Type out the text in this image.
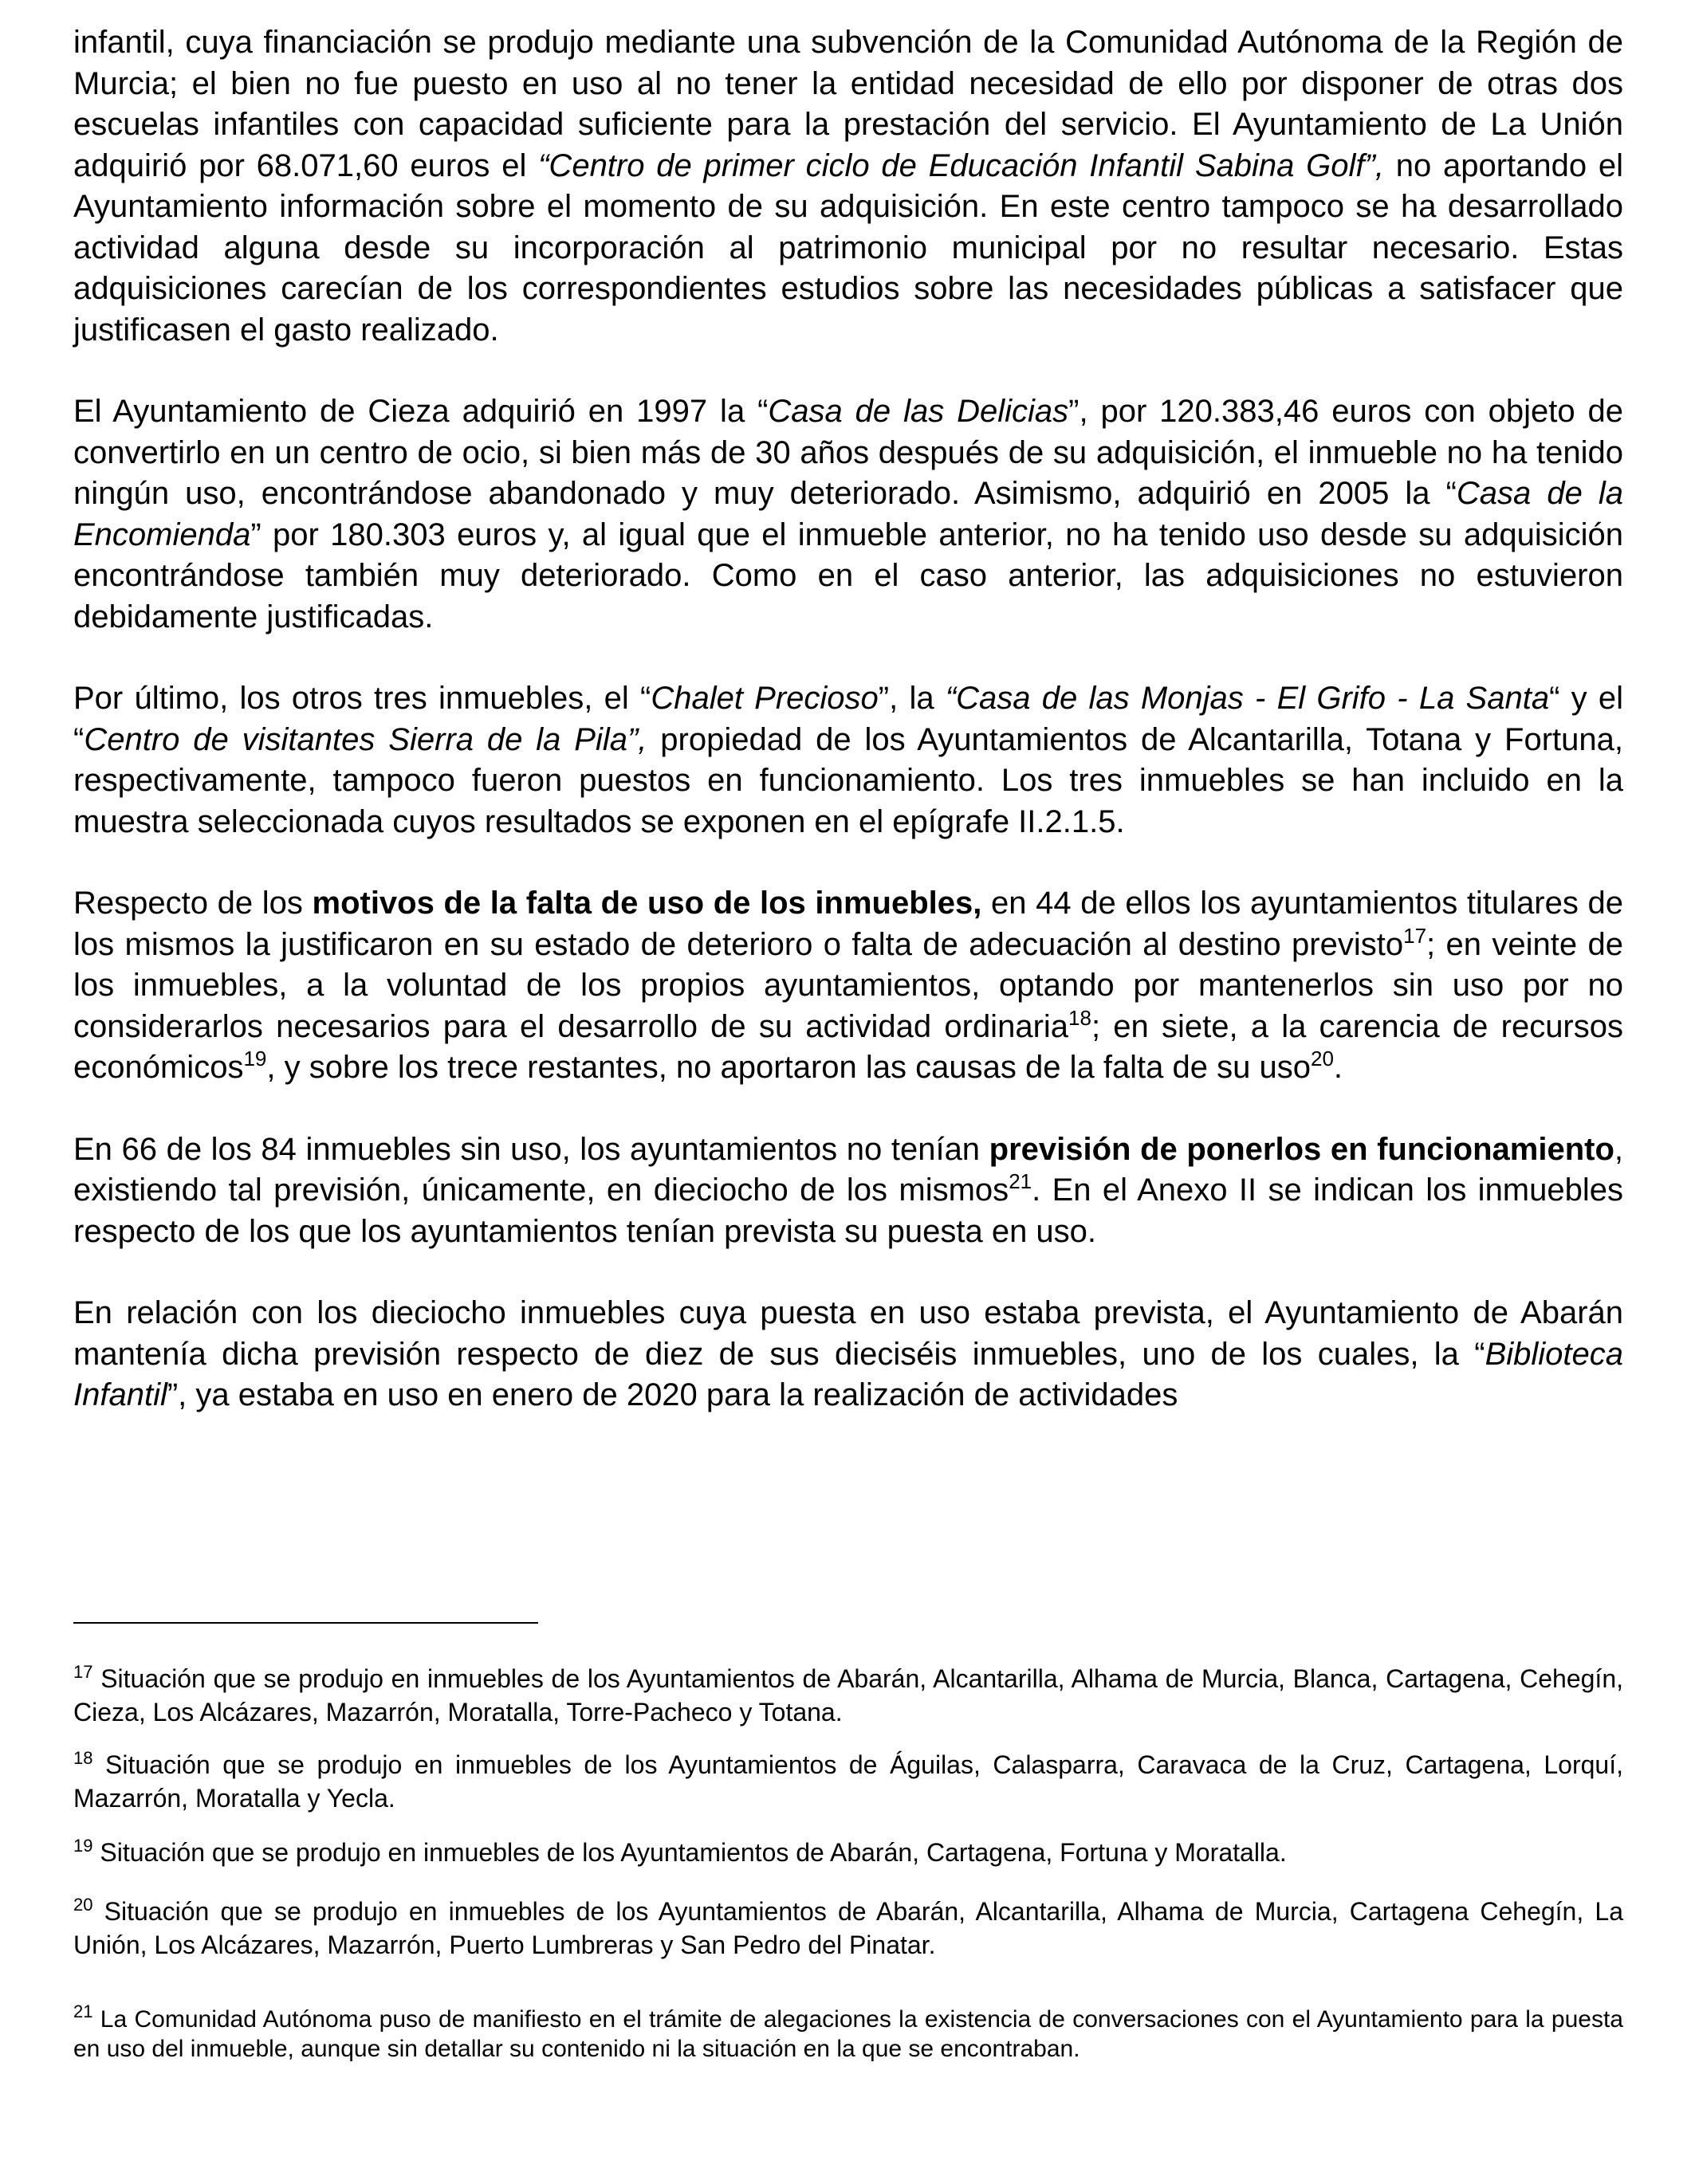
infantil, cuya financiación se produjo mediante una subvención de la Comunidad Autónoma de la Región de Murcia; el bien no fue puesto en uso al no tener la entidad necesidad de ello por disponer de otras dos escuelas infantiles con capacidad suficiente para la prestación del servicio. El Ayuntamiento de La Unión adquirió por 68.071,60 euros el “Centro de primer ciclo de Educación Infantil Sabina Golf”, no aportando el Ayuntamiento información sobre el momento de su adquisición. En este centro tampoco se ha desarrollado actividad alguna desde su incorporación al patrimonio municipal por no resultar necesario. Estas adquisiciones carecían de los correspondientes estudios sobre las necesidades públicas a satisfacer que justificasen el gasto realizado.

El Ayuntamiento de Cieza adquirió en 1997 la “Casa de las Delicias”, por 120.383,46 euros con objeto de convertirlo en un centro de ocio, si bien más de 30 años después de su adquisición, el inmueble no ha tenido ningún uso, encontrándose abandonado y muy deteriorado. Asimismo, adquirió en 2005 la “Casa de la Encomienda” por 180.303 euros y, al igual que el inmueble anterior, no ha tenido uso desde su adquisición encontrándose también muy deteriorado. Como en el caso anterior, las adquisiciones no estuvieron debidamente justificadas.

Por último, los otros tres inmuebles, el “Chalet Precioso”, la “Casa de las Monjas - El Grifo - La Santa“ y el “Centro de visitantes Sierra de la Pila”, propiedad de los Ayuntamientos de Alcantarilla, Totana y Fortuna, respectivamente, tampoco fueron puestos en funcionamiento. Los tres inmuebles se han incluido en la muestra seleccionada cuyos resultados se exponen en el epígrafe II.2.1.5.

Respecto de los motivos de la falta de uso de los inmuebles, en 44 de ellos los ayuntamientos titulares de los mismos la justificaron en su estado de deterioro o falta de adecuación al destino previsto$^{17}$; en veinte de los inmuebles, a la voluntad de los propios ayuntamientos, optando por mantenerlos sin uso por no considerarlos necesarios para el desarrollo de su actividad ordinaria$^{18}$; en siete, a la carencia de recursos económicos$^{19}$, y sobre los trece restantes, no aportaron las causas de la falta de su uso$^{20}$.

En 66 de los 84 inmuebles sin uso, los ayuntamientos no tenían previsión de ponerlos en funcionamiento, existiendo tal previsión, únicamente, en dieciocho de los mismos$^{21}$. En el Anexo II se indican los inmuebles respecto de los que los ayuntamientos tenían prevista su puesta en uso.

En relación con los dieciocho inmuebles cuya puesta en uso estaba prevista, el Ayuntamiento de Abarán mantenía dicha previsión respecto de diez de sus dieciséis inmuebles, uno de los cuales, la “Biblioteca Infantil”, ya estaba en uso en enero de 2020 para la realización de actividades

$^{17}$ Situación que se produjo en inmuebles de los Ayuntamientos de Abarán, Alcantarilla, Alhama de Murcia, Blanca, Cartagena, Cehegín, Cieza, Los Alcázares, Mazarrón, Moratalla, Torre-Pacheco y Totana.

$^{18}$ Situación que se produjo en inmuebles de los Ayuntamientos de Águilas, Calasparra, Caravaca de la Cruz, Cartagena, Lorquí, Mazarrón, Moratalla y Yecla.

$^{19}$ Situación que se produjo en inmuebles de los Ayuntamientos de Abarán, Cartagena, Fortuna y Moratalla.

$^{20}$ Situación que se produjo en inmuebles de los Ayuntamientos de Abarán, Alcantarilla, Alhama de Murcia, Cartagena Cehegín, La Unión, Los Alcázares, Mazarrón, Puerto Lumbreras y San Pedro del Pinatar.

$^{21}$ La Comunidad Autónoma puso de manifiesto en el trámite de alegaciones la existencia de conversaciones con el Ayuntamiento para la puesta en uso del inmueble, aunque sin detallar su contenido ni la situación en la que se encontraban.
